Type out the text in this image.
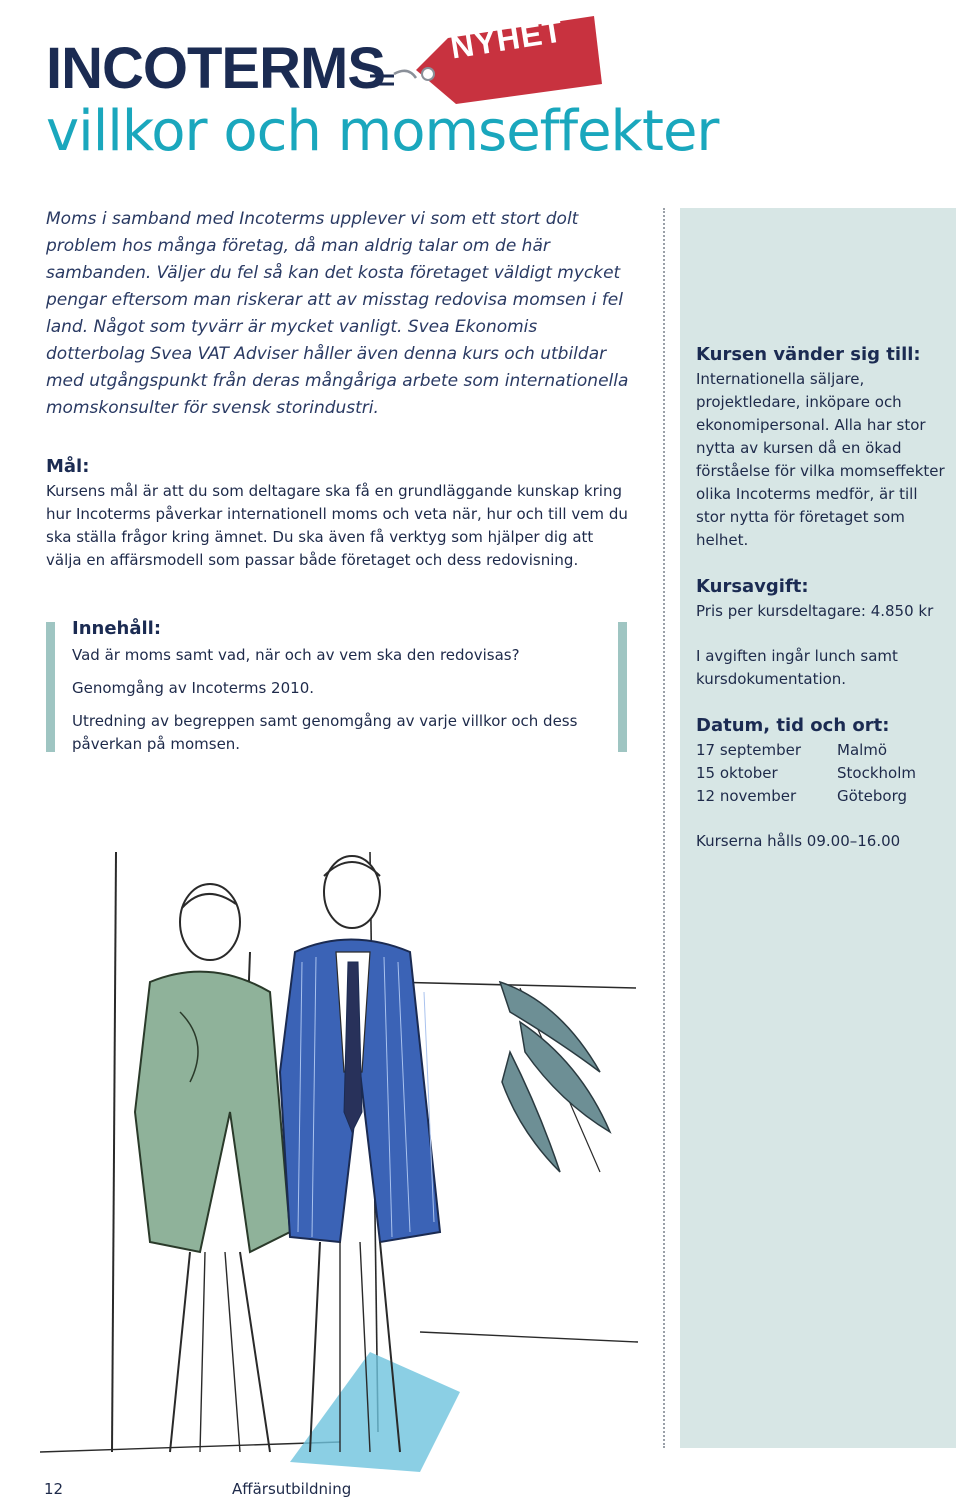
INCOTERMS
villkor och momseffekter
NYHET

Moms i samband med Incoterms upplever vi som ett stort dolt problem hos många företag, då man aldrig talar om de här sambanden. Väljer du fel så kan det kosta företaget väldigt mycket pengar eftersom man riskerar att av misstag redovisa momsen i fel land. Något som tyvärr är mycket vanligt. Svea Ekonomis dotterbolag Svea VAT Adviser håller även denna kurs och utbildar med utgångspunkt från deras mångåriga arbete som internationella momskonsulter för svensk storindustri.

Mål:

Kursens mål är att du som deltagare ska få en grundläggande kunskap kring hur Incoterms påverkar internationell moms och veta när, hur och till vem du ska ställa frågor kring ämnet. Du ska även få verktyg som hjälper dig att välja en affärsmodell som passar både företaget och dess redovisning.

Innehåll:
Vad är moms samt vad, när och av vem ska den redovisas?
Genomgång av Incoterms 2010.
Utredning av begreppen samt genomgång av varje villkor och dess påverkan på momsen.
Kursen vänder sig till:

Internationella säljare, projektledare, inköpare och ekonomipersonal. Alla har stor nytta av kursen då en ökad förståelse för vilka momseffekter olika Incoterms medför, är till stor nytta för företaget som helhet.

Kursavgift:

Pris per kursdeltagare: 4.850 kr

I avgiften ingår lunch samt kursdokumentation.

Datum, tid och ort:
17 september	Malmö
15 oktober	Stockholm
12 november	Göteborg

Kurserna hålls 09.00–16.00

12	Affärsutbildning
